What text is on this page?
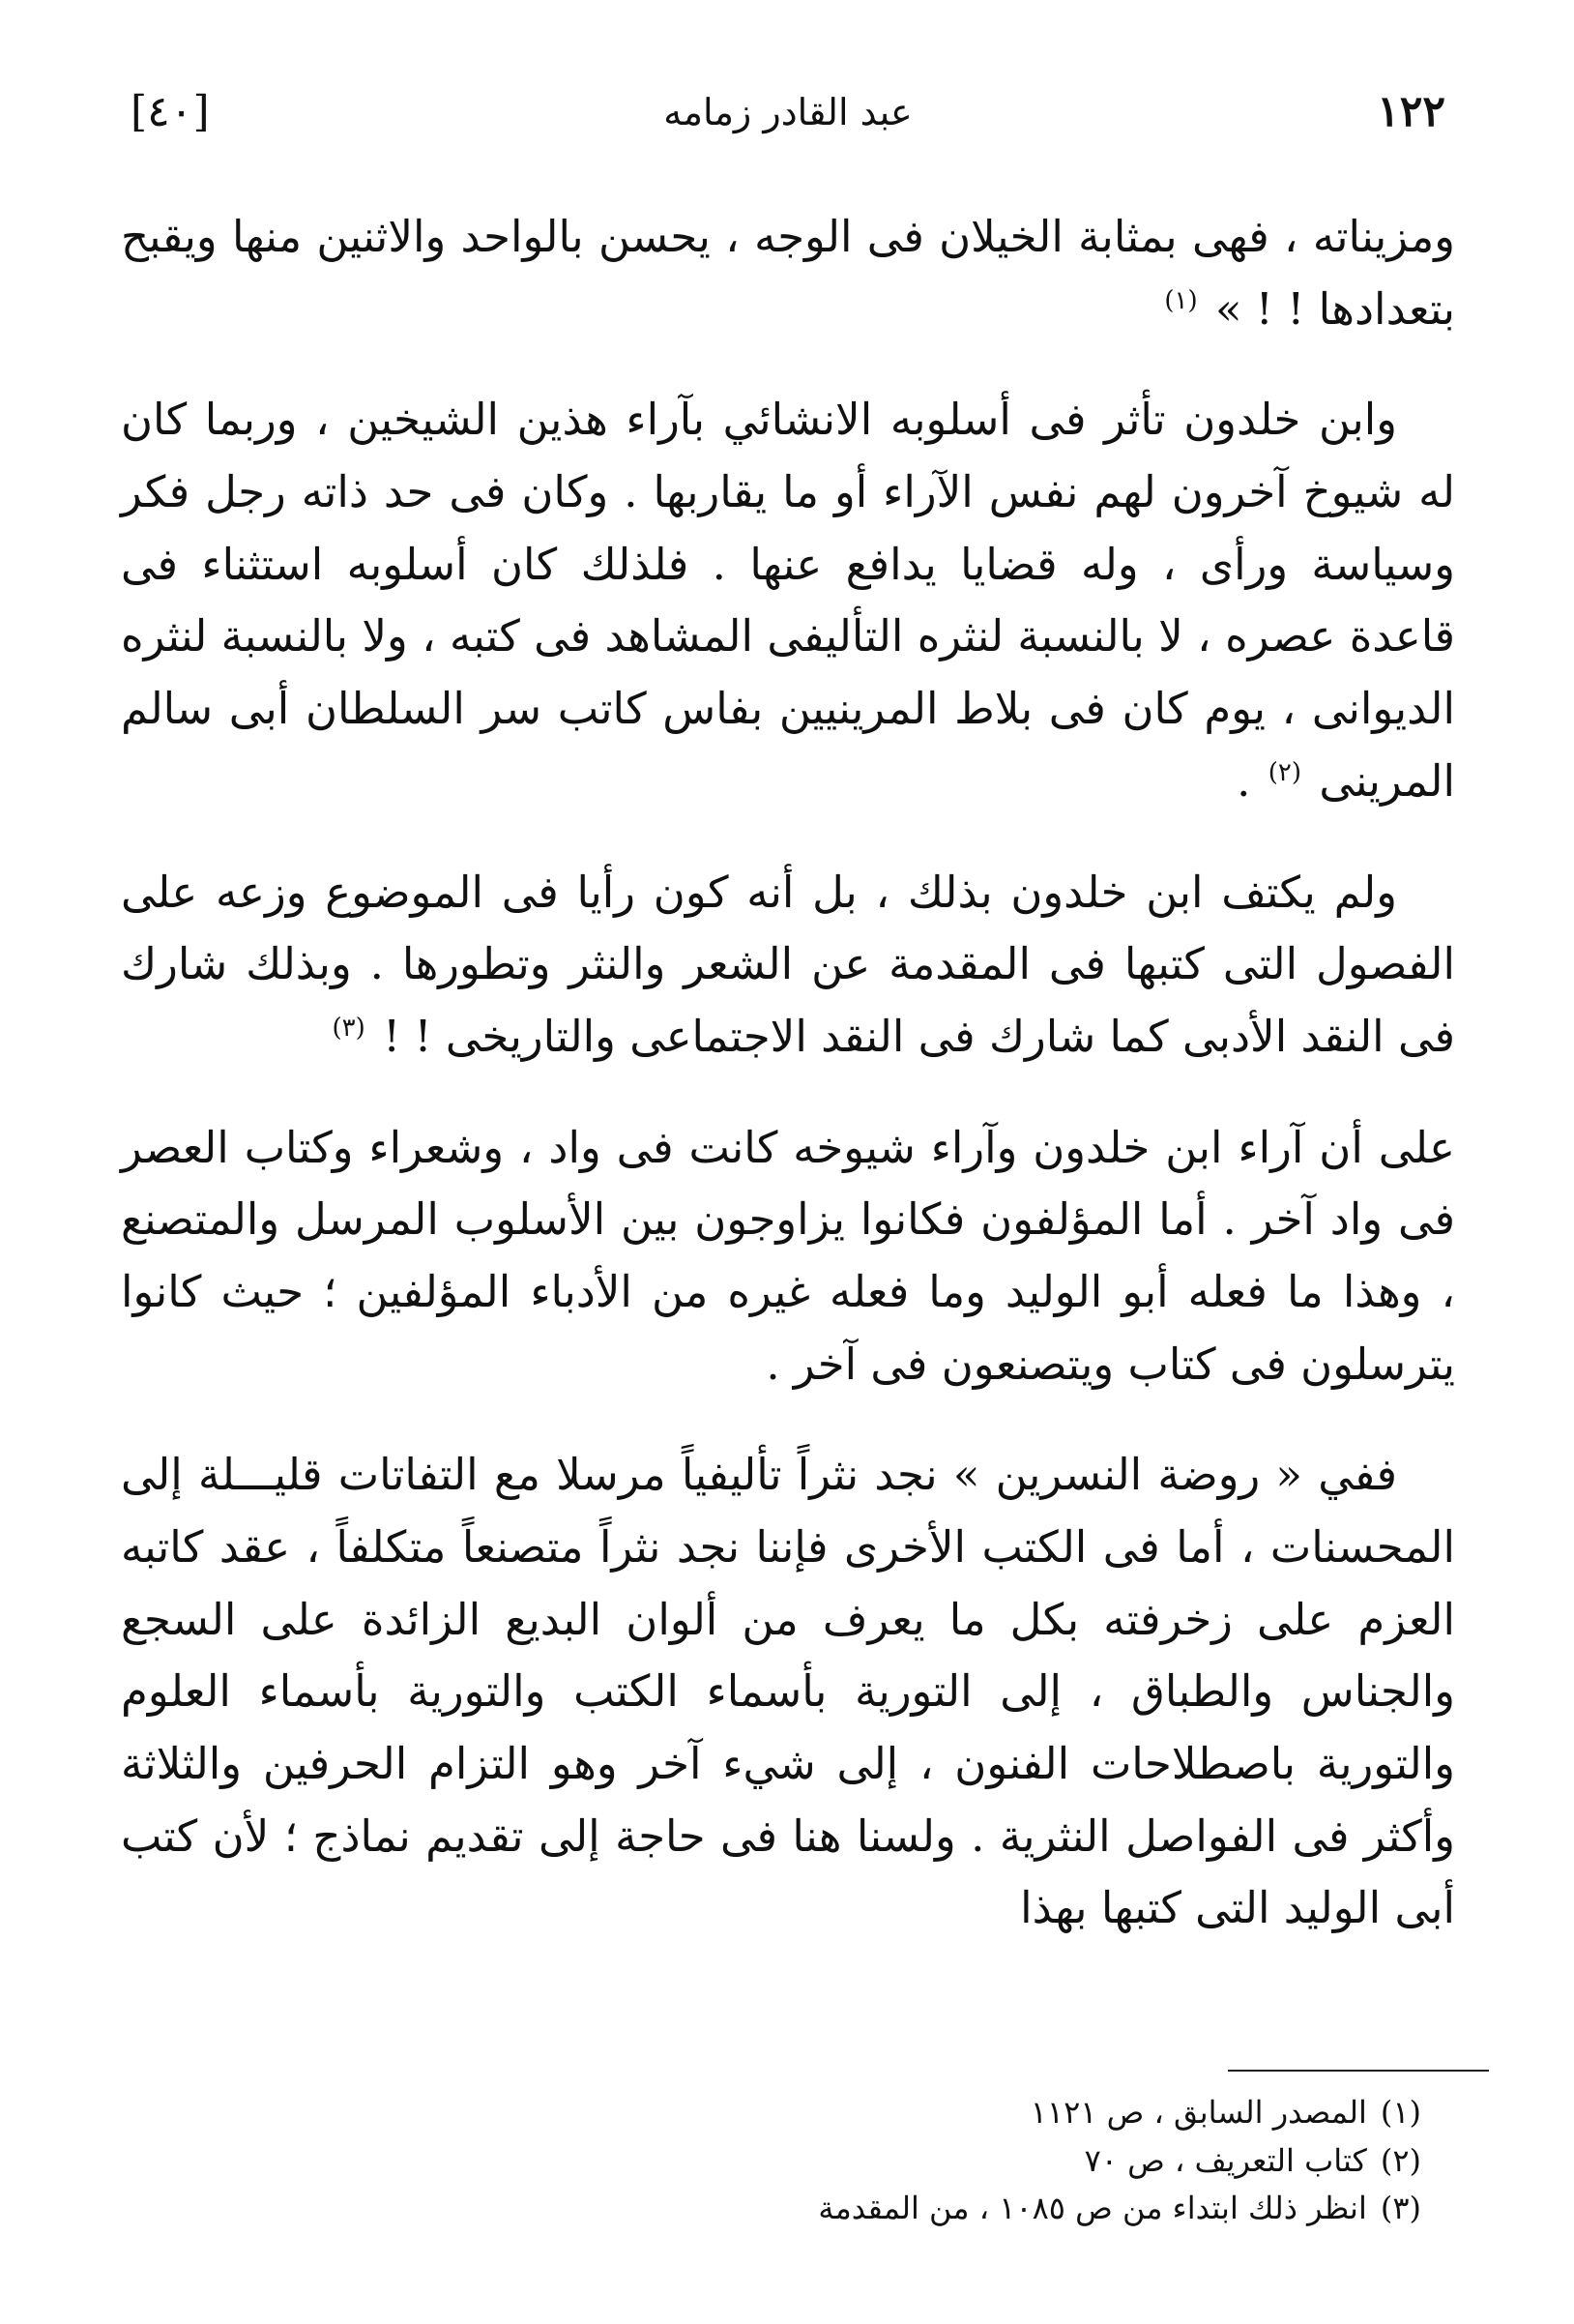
[٤٠]	عبد القادر زمامه	١٢٢

ومزيناته ، فهى بمثابة الخيلان فى الوجه ، يحسن بالواحد والاثنين منها ويقبح بتعدادها ! ! » $^{(١)}$

وابن خلدون تأثر فى أسلوبه الانشائي بآراء هذين الشيخين ، وربما كان له شيوخ آخرون لهم نفس الآراء أو ما يقاربها . وكان فى حد ذاته رجل فكر وسياسة ورأى ، وله قضايا يدافع عنها . فلذلك كان أسلوبه استثناء فى قاعدة عصره ، لا بالنسبة لنثره التأليفى المشاهد فى كتبه ، ولا بالنسبة لنثره الديوانى ، يوم كان فى بلاط المرينيين بفاس كاتب سر السلطان أبى سالم المرينى $^{(٢)}$ .

ولم يكتف ابن خلدون بذلك ، بل أنه كون رأيا فى الموضوع وزعه على الفصول التى كتبها فى المقدمة عن الشعر والنثر وتطورها . وبذلك شارك فى النقد الأدبى كما شارك فى النقد الاجتماعى والتاريخى ! ! $^{(٣)}$

على أن آراء ابن خلدون وآراء شيوخه كانت فى واد ، وشعراء وكتاب العصر فى واد آخر . أما المؤلفون فكانوا يزاوجون بين الأسلوب المرسل والمتصنع ، وهذا ما فعله أبو الوليد وما فعله غيره من الأدباء المؤلفين ؛ حيث كانوا يترسلون فى كتاب ويتصنعون فى آخر .

ففي « روضة النسرين » نجد نثراً تأليفياً مرسلا مع التفاتات قليـــلة إلى المحسنات ، أما فى الكتب الأخرى فإننا نجد نثراً متصنعاً متكلفاً ، عقد كاتبه العزم على زخرفته بكل ما يعرف من ألوان البديع الزائدة على السجع والجناس والطباق ، إلى التورية بأسماء الكتب والتورية بأسماء العلوم والتورية باصطلاحات الفنون ، إلى شيء آخر وهو التزام الحرفين والثلاثة وأكثر فى الفواصل النثرية . ولسنا هنا فى حاجة إلى تقديم نماذج ؛ لأن كتب أبى الوليد التى كتبها بهذا

(١)المصدر السابق ، ص ١١٢١
(٢)كتاب التعريف ، ص ٧٠
(٣)انظر ذلك ابتداء من ص ١٠٨٥ ، من المقدمة
